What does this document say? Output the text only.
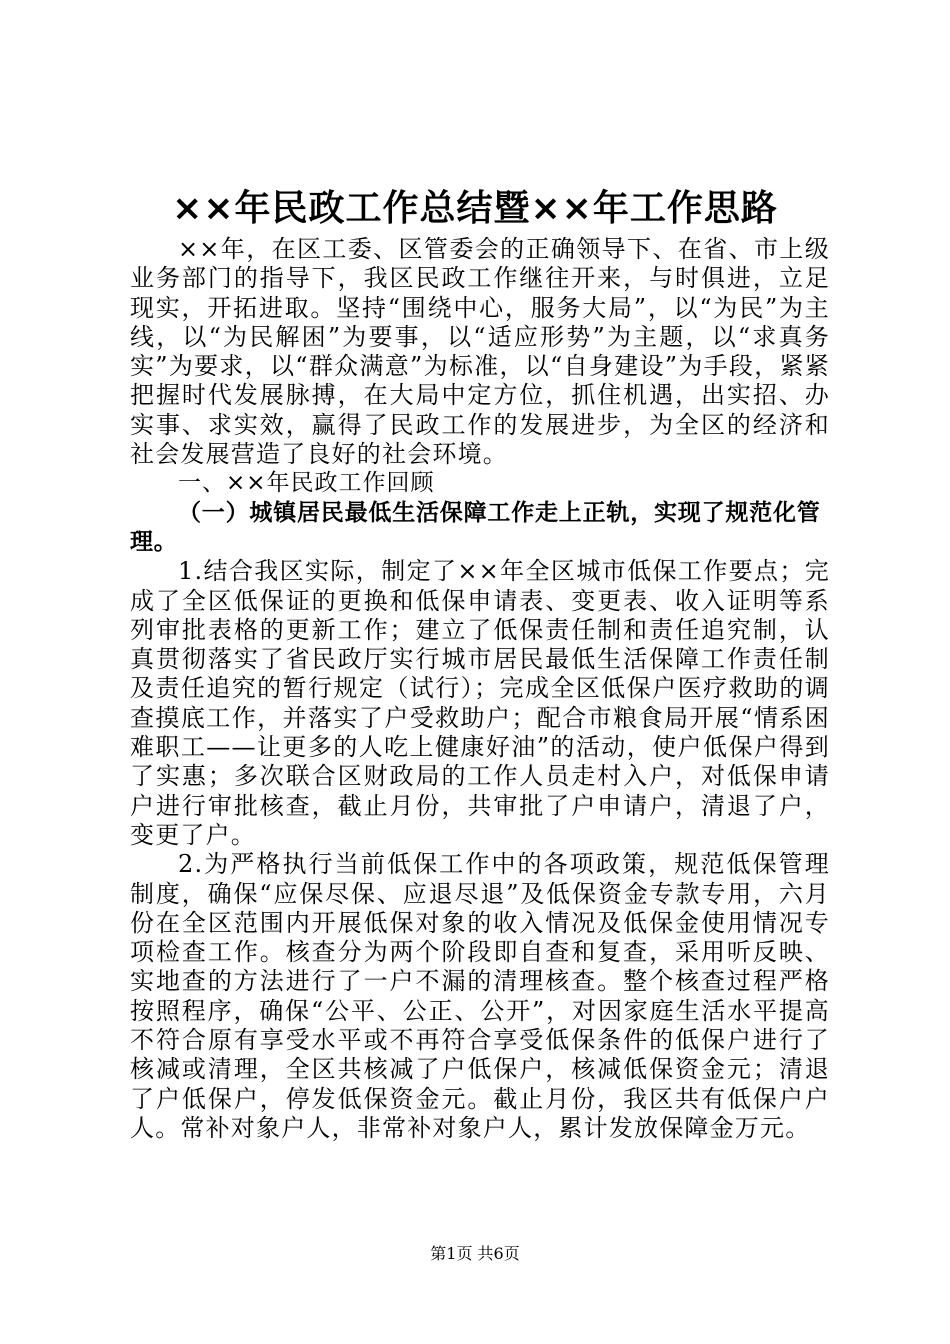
××年民政工作总结暨××年工作思路

××年，在区工委、区管委会的正确领导下、在省、市上级业务部门的指导下，我区民政工作继往开来，与时俱进，立足现实，开拓进取。坚持“围绕中心，服务大局”，以“为民”为主线，以“为民解困”为要事，以“适应形势”为主题，以“求真务实”为要求，以“群众满意”为标准，以“自身建设”为手段，紧紧把握时代发展脉搏，在大局中定方位，抓住机遇，出实招、办实事、求实效，赢得了民政工作的发展进步，为全区的经济和社会发展营造了良好的社会环境。

一、××年民政工作回顾

（一）城镇居民最低生活保障工作走上正轨，实现了规范化管理。

1.结合我区实际，制定了××年全区城市低保工作要点；完成了全区低保证的更换和低保申请表、变更表、收入证明等系列审批表格的更新工作；建立了低保责任制和责任追究制，认真贯彻落实了省民政厅实行城市居民最低生活保障工作责任制及责任追究的暂行规定（试行）；完成全区低保户医疗救助的调查摸底工作，并落实了户受救助户；配合市粮食局开展“情系困难职工——让更多的人吃上健康好油”的活动，使户低保户得到了实惠；多次联合区财政局的工作人员走村入户，对低保申请户进行审批核查，截止月份，共审批了户申请户，清退了户，变更了户。

2.为严格执行当前低保工作中的各项政策，规范低保管理制度，确保“应保尽保、应退尽退”及低保资金专款专用，六月份在全区范围内开展低保对象的收入情况及低保金使用情况专项检查工作。核查分为两个阶段即自查和复查，采用听反映、实地查的方法进行了一户不漏的清理核查。整个核查过程严格按照程序，确保“公平、公正、公开”，对因家庭生活水平提高不符合原有享受水平或不再符合享受低保条件的低保户进行了核减或清理，全区共核减了户低保户，核减低保资金元；清退了户低保户，停发低保资金元。截止月份，我区共有低保户户人。常补对象户人，非常补对象户人，累计发放保障金万元。

第1页 共6页
